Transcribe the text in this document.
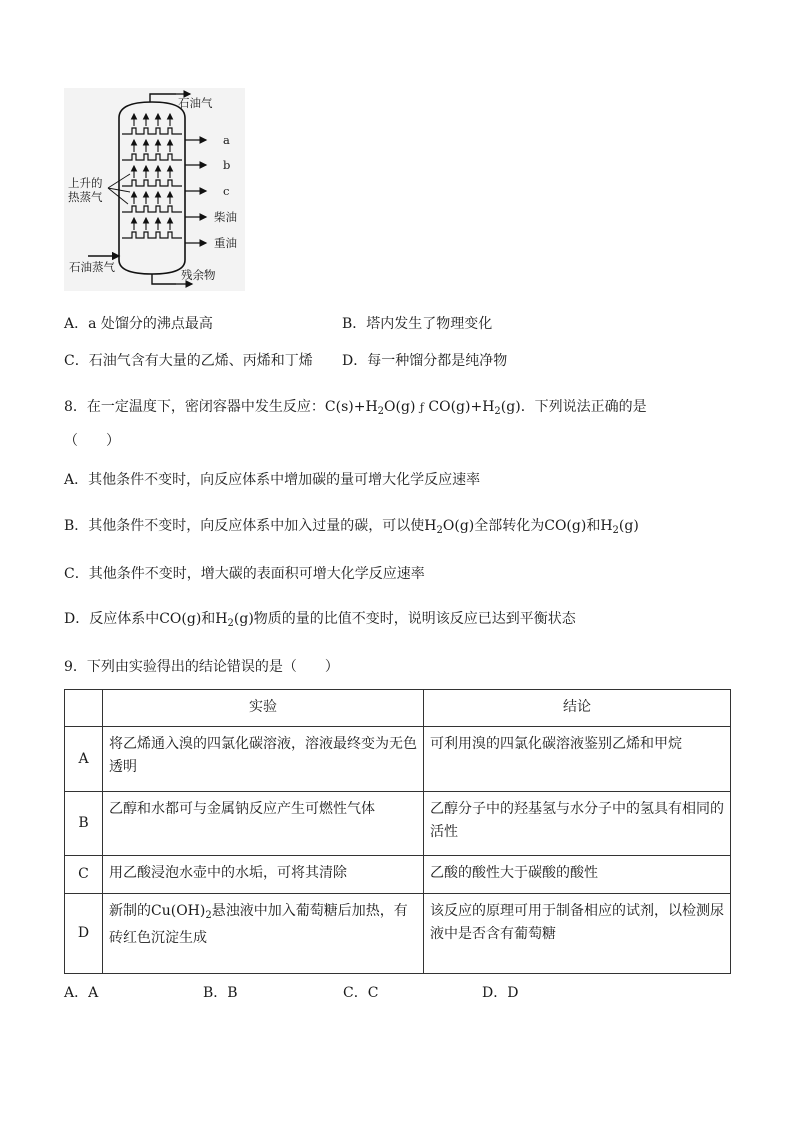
石油气
a
b
c
柴油
重油
上升的
热蒸气
石油蒸气
残余物
A．a 处馏分的沸点最高	B．塔内发生了物理变化
C．石油气含有大量的乙烯、丙烯和丁烯 D．每一种馏分都是纯净物
8．在一定温度下，密闭容器中发生反应：$C(s)+H_2O(g)$ ƒ $CO(g)+H_2(g)$．下列说法正确的是
（　　）
A．其他条件不变时，向反应体系中增加碳的量可增大化学反应速率
B．其他条件不变时，向反应体系中加入过量的碳，可以使$H_2O(g)$全部转化为CO(g)和$H_2(g)$
C．其他条件不变时，增大碳的表面积可增大化学反应速率
D．反应体系中CO(g)和$H_2(g)$物质的量的比值不变时，说明该反应已达到平衡状态
9．下列由实验得出的结论错误的是（　　）
	实验	结论
A	将乙烯通入溴的四氯化碳溶液，溶液最终变为无色透明	可利用溴的四氯化碳溶液鉴别乙烯和甲烷
B	乙醇和水都可与金属钠反应产生可燃性气体	乙醇分子中的羟基氢与水分子中的氢具有相同的活性
C	用乙酸浸泡水壶中的水垢，可将其清除	乙酸的酸性大于碳酸的酸性
D	新制的$Cu(OH)_2$悬浊液中加入葡萄糖后加热，有砖红色沉淀生成	该反应的原理可用于制备相应的试剂，以检测尿液中是否含有葡萄糖
A．A	B．B	C．C	D．D
